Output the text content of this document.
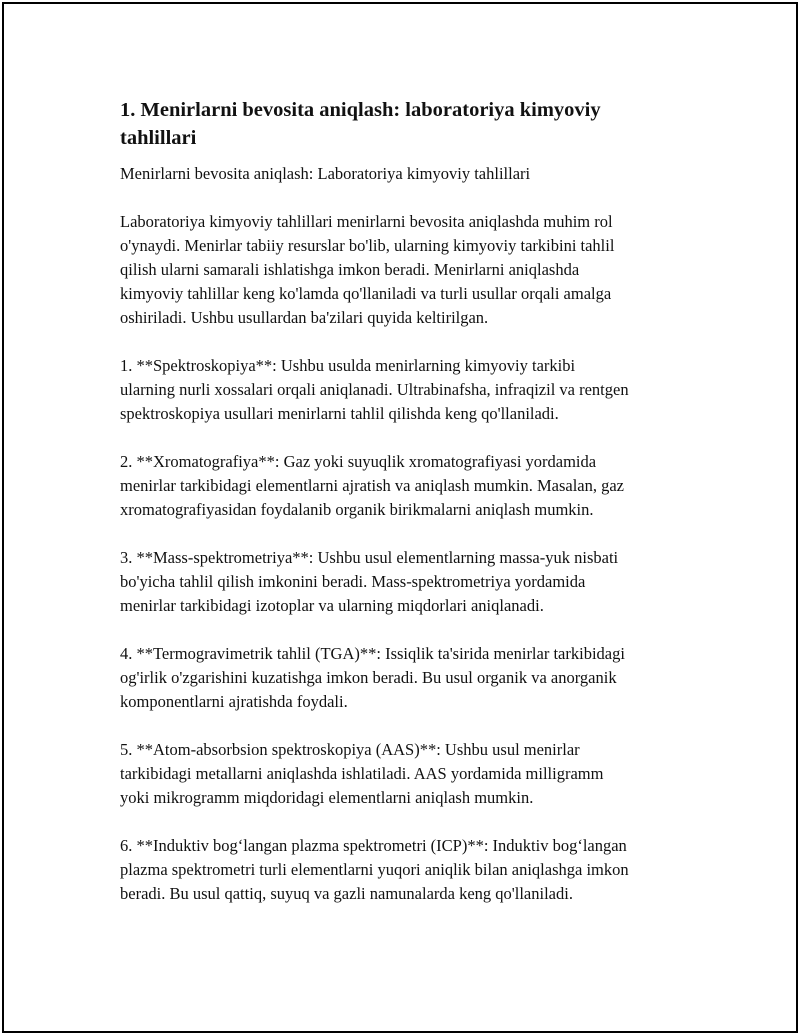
1. Menirlarni bevosita aniqlash: laboratoriya kimyoviy
tahlillari

Menirlarni bevosita aniqlash: Laboratoriya kimyoviy tahlillari

Laboratoriya kimyoviy tahlillari menirlarni bevosita aniqlashda muhim rol
o'ynaydi. Menirlar tabiiy resurslar bo'lib, ularning kimyoviy tarkibini tahlil
qilish ularni samarali ishlatishga imkon beradi. Menirlarni aniqlashda
kimyoviy tahlillar keng ko'lamda qo'llaniladi va turli usullar orqali amalga
oshiriladi. Ushbu usullardan ba'zilari quyida keltirilgan.

1. **Spektroskopiya**: Ushbu usulda menirlarning kimyoviy tarkibi
ularning nurli xossalari orqali aniqlanadi. Ultrabinafsha, infraqizil va rentgen
spektroskopiya usullari menirlarni tahlil qilishda keng qo'llaniladi.

2. **Xromatografiya**: Gaz yoki suyuqlik xromatografiyasi yordamida
menirlar tarkibidagi elementlarni ajratish va aniqlash mumkin. Masalan, gaz
xromatografiyasidan foydalanib organik birikmalarni aniqlash mumkin.

3. **Mass-spektrometriya**: Ushbu usul elementlarning massa-yuk nisbati
bo'yicha tahlil qilish imkonini beradi. Mass-spektrometriya yordamida
menirlar tarkibidagi izotoplar va ularning miqdorlari aniqlanadi.

4. **Termogravimetrik tahlil (TGA)**: Issiqlik ta'sirida menirlar tarkibidagi
og'irlik o'zgarishini kuzatishga imkon beradi. Bu usul organik va anorganik
komponentlarni ajratishda foydali.

5. **Atom-absorbsion spektroskopiya (AAS)**: Ushbu usul menirlar
tarkibidagi metallarni aniqlashda ishlatiladi. AAS yordamida milligramm
yoki mikrogramm miqdoridagi elementlarni aniqlash mumkin.

6. **Induktiv bog‘langan plazma spektrometri (ICP)**: Induktiv bog‘langan
plazma spektrometri turli elementlarni yuqori aniqlik bilan aniqlashga imkon
beradi. Bu usul qattiq, suyuq va gazli namunalarda keng qo'llaniladi.
